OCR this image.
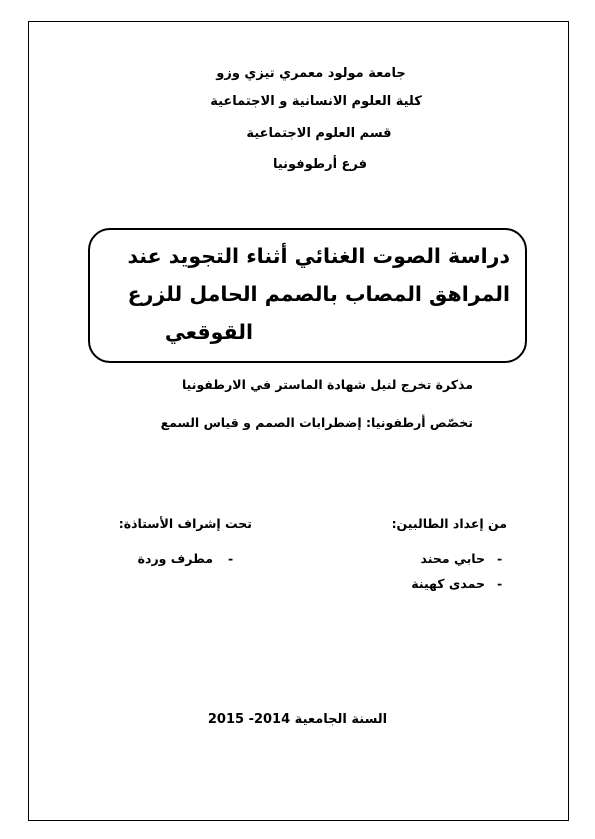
جامعة مولود معمري تيزي وزو
كلية العلوم الانسانية و الاجتماعية
قسم العلوم الاجتماعية
فرع أرطوفونيا
دراسة الصوت الغنائي أثناء التجويد عند
المراهق المصاب بالصمم الحامل للزرع
القوقعي
مذكرة تخرج لنيل شهادة الماستر في الارطفونيا
تخصّص أرطفونيا: إضطرابات الصمم و قياس السمع
من إعداد الطالبين:
-
حابي محند
-
حمدى كهينة
تحت إشراف الأستاذة:
-
مطرف وردة
السنة الجامعية 2014- 2015
